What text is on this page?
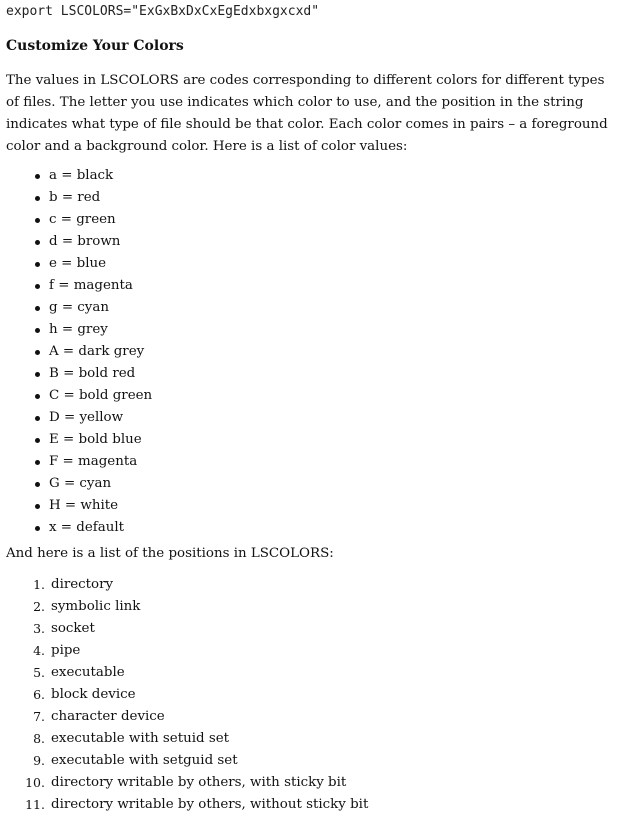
export LSCOLORS="ExGxBxDxCxEgEdxbxgxcxd"
Customize Your Colors

The values in LSCOLORS are codes corresponding to different colors for different types of files. The letter you use indicates which color to use, and the position in the string indicates what type of file should be that color. Each color comes in pairs – a foreground color and a background color. Here is a list of color values:

a = black
b = red
c = green
d = brown
e = blue
f = magenta
g = cyan
h = grey
A = dark grey
B = bold red
C = bold green
D = yellow
E = bold blue
F = magenta
G = cyan
H = white
x = default

And here is a list of the positions in LSCOLORS:

1. directory
2. symbolic link
3. socket
4. pipe
5. executable
6. block device
7. character device
8. executable with setuid set
9. executable with setguid set
10. directory writable by others, with sticky bit
11. directory writable by others, without sticky bit
